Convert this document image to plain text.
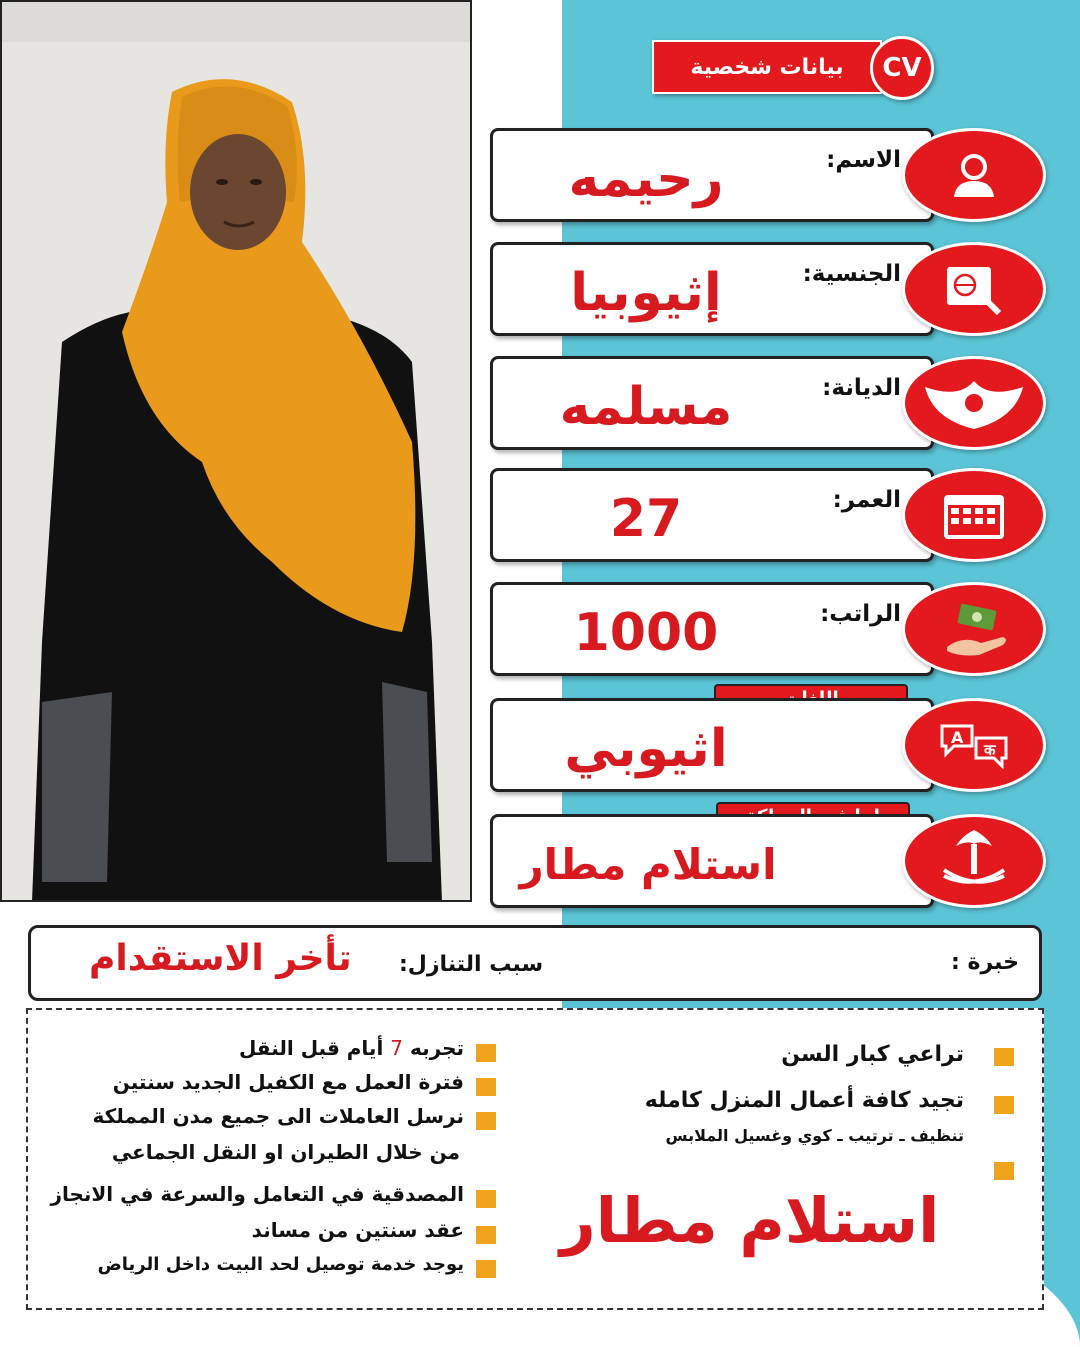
بيانات شخصية	CV
الاسم:
رحيمه
الجنسية:
إثيوبيا
الديانة:
مسلمه
العمر:
27
الراتب:
1000
اثيوبي	A
क
استلام مطار
خبرة :
سبب التنازل:
تأخر الاستقدام
تراعي كبار السن
تجيد كافة أعمال المنزل كامله
تنظيف ـ ترتيب ـ كوي وغسيل الملابس
تجربه 7 أيام قبل النقل
فترة العمل مع الكفيل الجديد سنتين
نرسل العاملات الى جميع مدن المملكة
من خلال الطيران او النقل الجماعي
المصدقية في التعامل والسرعة في الانجاز
عقد سنتين من مساند
يوجد خدمة توصيل لحد البيت داخل الرياض
استلام مطار
